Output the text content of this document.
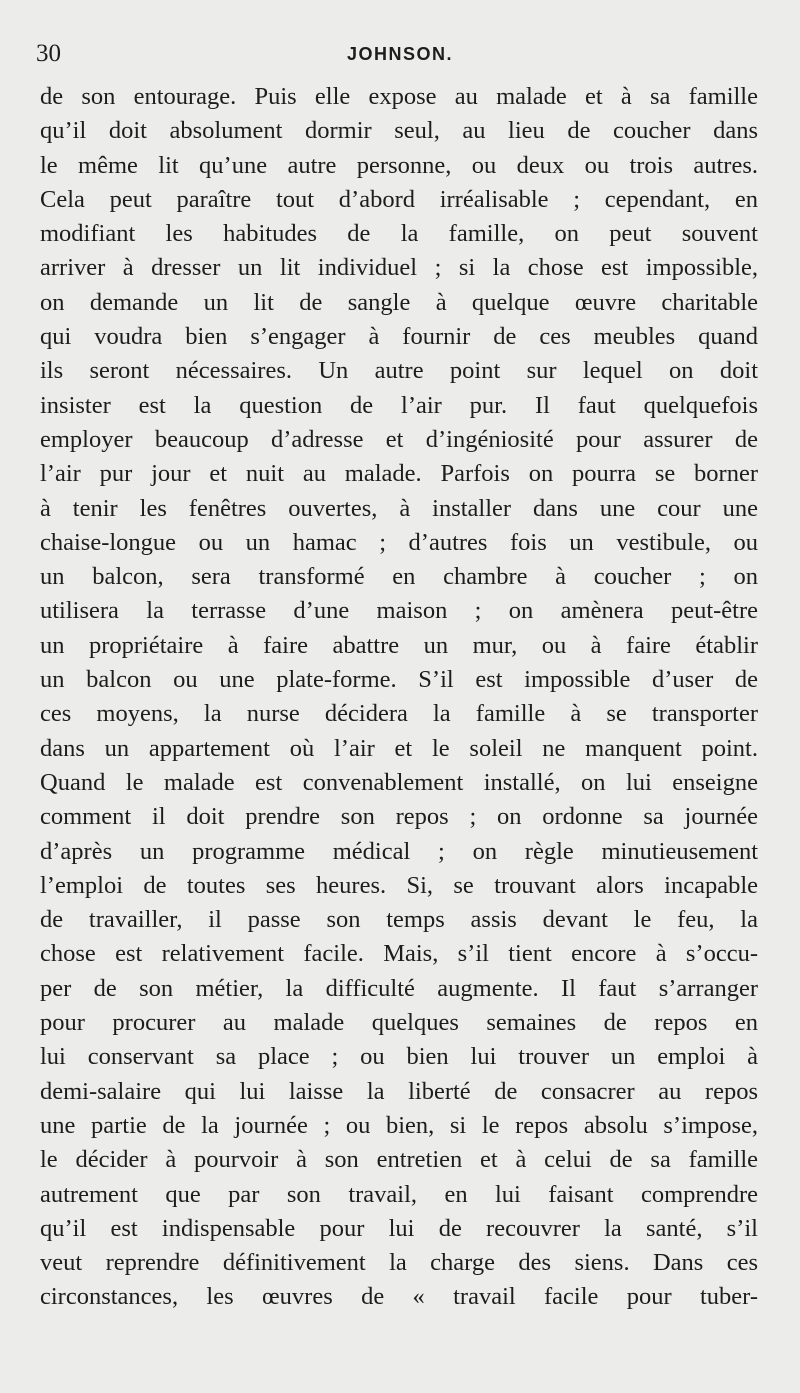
30	JOHNSON.
de son entourage. Puis elle expose au malade et à sa famille
qu’il doit absolument dormir seul, au lieu de coucher dans
le même lit qu’une autre personne, ou deux ou trois autres.
Cela peut paraître tout d’abord irréalisable ; cependant, en
modifiant les habitudes de la famille, on peut souvent
arriver à dresser un lit individuel ; si la chose est impossible,
on demande un lit de sangle à quelque œuvre charitable
qui voudra bien s’engager à fournir de ces meubles quand
ils seront nécessaires. Un autre point sur lequel on doit
insister est la question de l’air pur. Il faut quelquefois
employer beaucoup d’adresse et d’ingéniosité pour assurer de
l’air pur jour et nuit au malade. Parfois on pourra se borner
à tenir les fenêtres ouvertes, à installer dans une cour une
chaise-longue ou un hamac ; d’autres fois un vestibule, ou
un balcon, sera transformé en chambre à coucher ; on
utilisera la terrasse d’une maison ; on amènera peut-être
un propriétaire à faire abattre un mur, ou à faire établir
un balcon ou une plate-forme. S’il est impossible d’user de
ces moyens, la nurse décidera la famille à se transporter
dans un appartement où l’air et le soleil ne manquent point.
Quand le malade est convenablement installé, on lui enseigne
comment il doit prendre son repos ; on ordonne sa journée
d’après un programme médical ; on règle minutieusement
l’emploi de toutes ses heures. Si, se trouvant alors incapable
de travailler, il passe son temps assis devant le feu, la
chose est relativement facile. Mais, s’il tient encore à s’occu-
per de son métier, la difficulté augmente. Il faut s’arranger
pour procurer au malade quelques semaines de repos en
lui conservant sa place ; ou bien lui trouver un emploi à
demi-salaire qui lui laisse la liberté de consacrer au repos
une partie de la journée ; ou bien, si le repos absolu s’impose,
le décider à pourvoir à son entretien et à celui de sa famille
autrement que par son travail, en lui faisant comprendre
qu’il est indispensable pour lui de recouvrer la santé, s’il
veut reprendre définitivement la charge des siens. Dans ces
circonstances, les œuvres de « travail facile pour tuber-
